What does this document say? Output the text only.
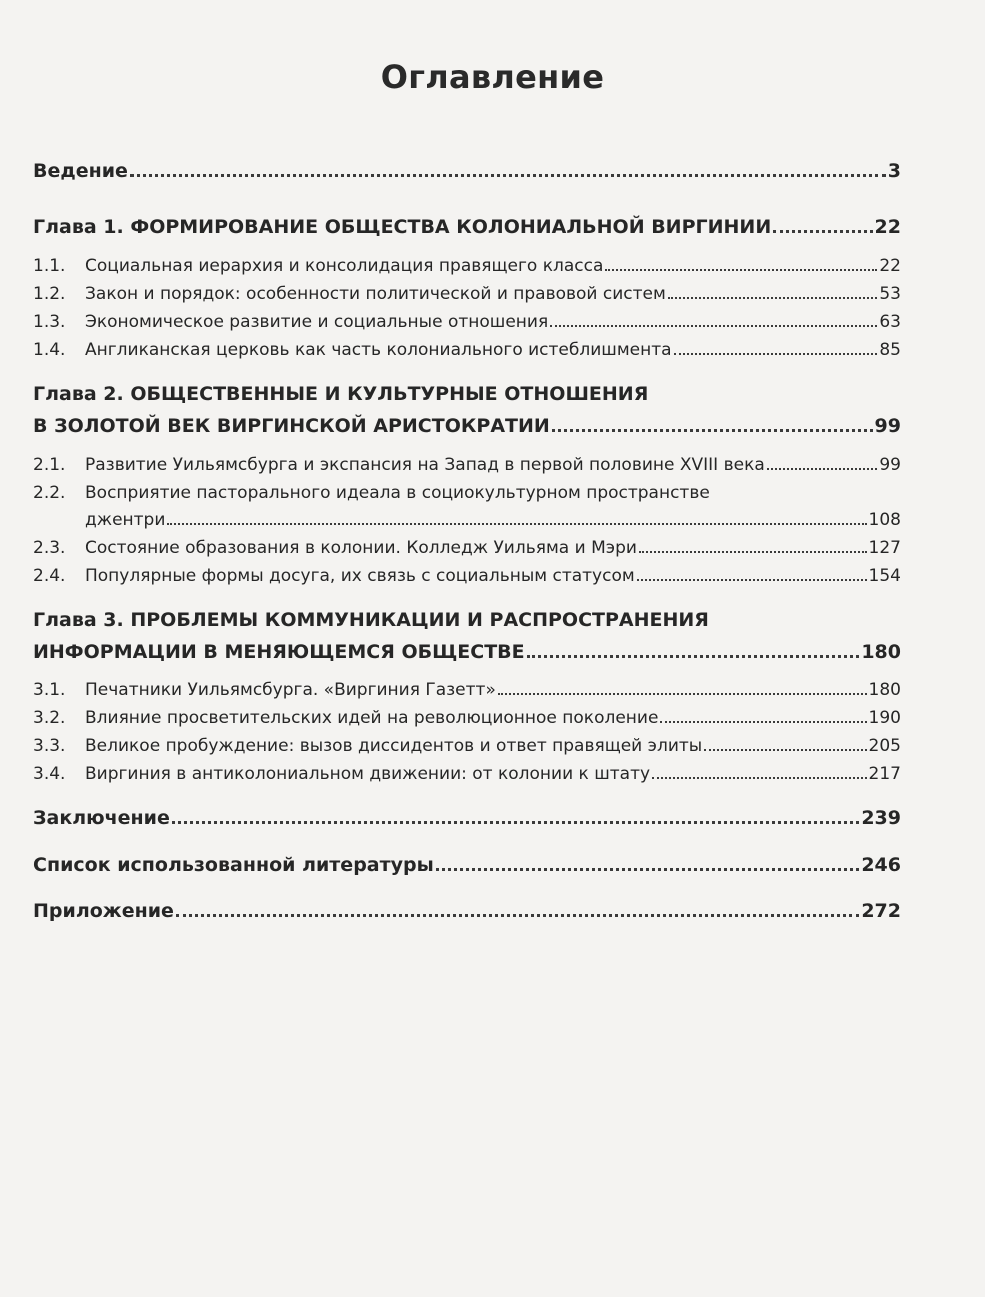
Оглавление
Ведение	3
Глава 1. ФОРМИРОВАНИЕ ОБЩЕСТВА КОЛОНИАЛЬНОЙ ВИРГИНИИ	22
1.1.	Социальная иерархия и консолидация правящего класса	22
1.2.	Закон и порядок: особенности политической и правовой систем	53
1.3.	Экономическое развитие и социальные отношения	63
1.4.	Англиканская церковь как часть колониального истеблишмента	85
Глава 2. ОБЩЕСТВЕННЫЕ И КУЛЬТУРНЫЕ ОТНОШЕНИЯ
В ЗОЛОТОЙ ВЕК ВИРГИНСКОЙ АРИСТОКРАТИИ	99
2.1.	Развитие Уильямсбурга и экспансия на Запад в первой половине XVIII века	99
2.2.	Восприятие пасторального идеала в социокультурном пространстве
джентри	108
2.3.	Состояние образования в колонии. Колледж Уильяма и Мэри	127
2.4.	Популярные формы досуга, их связь с социальным статусом	154
Глава 3. ПРОБЛЕМЫ КОММУНИКАЦИИ И РАСПРОСТРАНЕНИЯ
ИНФОРМАЦИИ В МЕНЯЮЩЕМСЯ ОБЩЕСТВЕ	180
3.1.	Печатники Уильямсбурга. «Виргиния Газетт»	180
3.2.	Влияние просветительских идей на революционное поколение	190
3.3.	Великое пробуждение: вызов диссидентов и ответ правящей элиты	205
3.4.	Виргиния в антиколониальном движении: от колонии к штату	217
Заключение	239
Список использованной литературы	246
Приложение	272
